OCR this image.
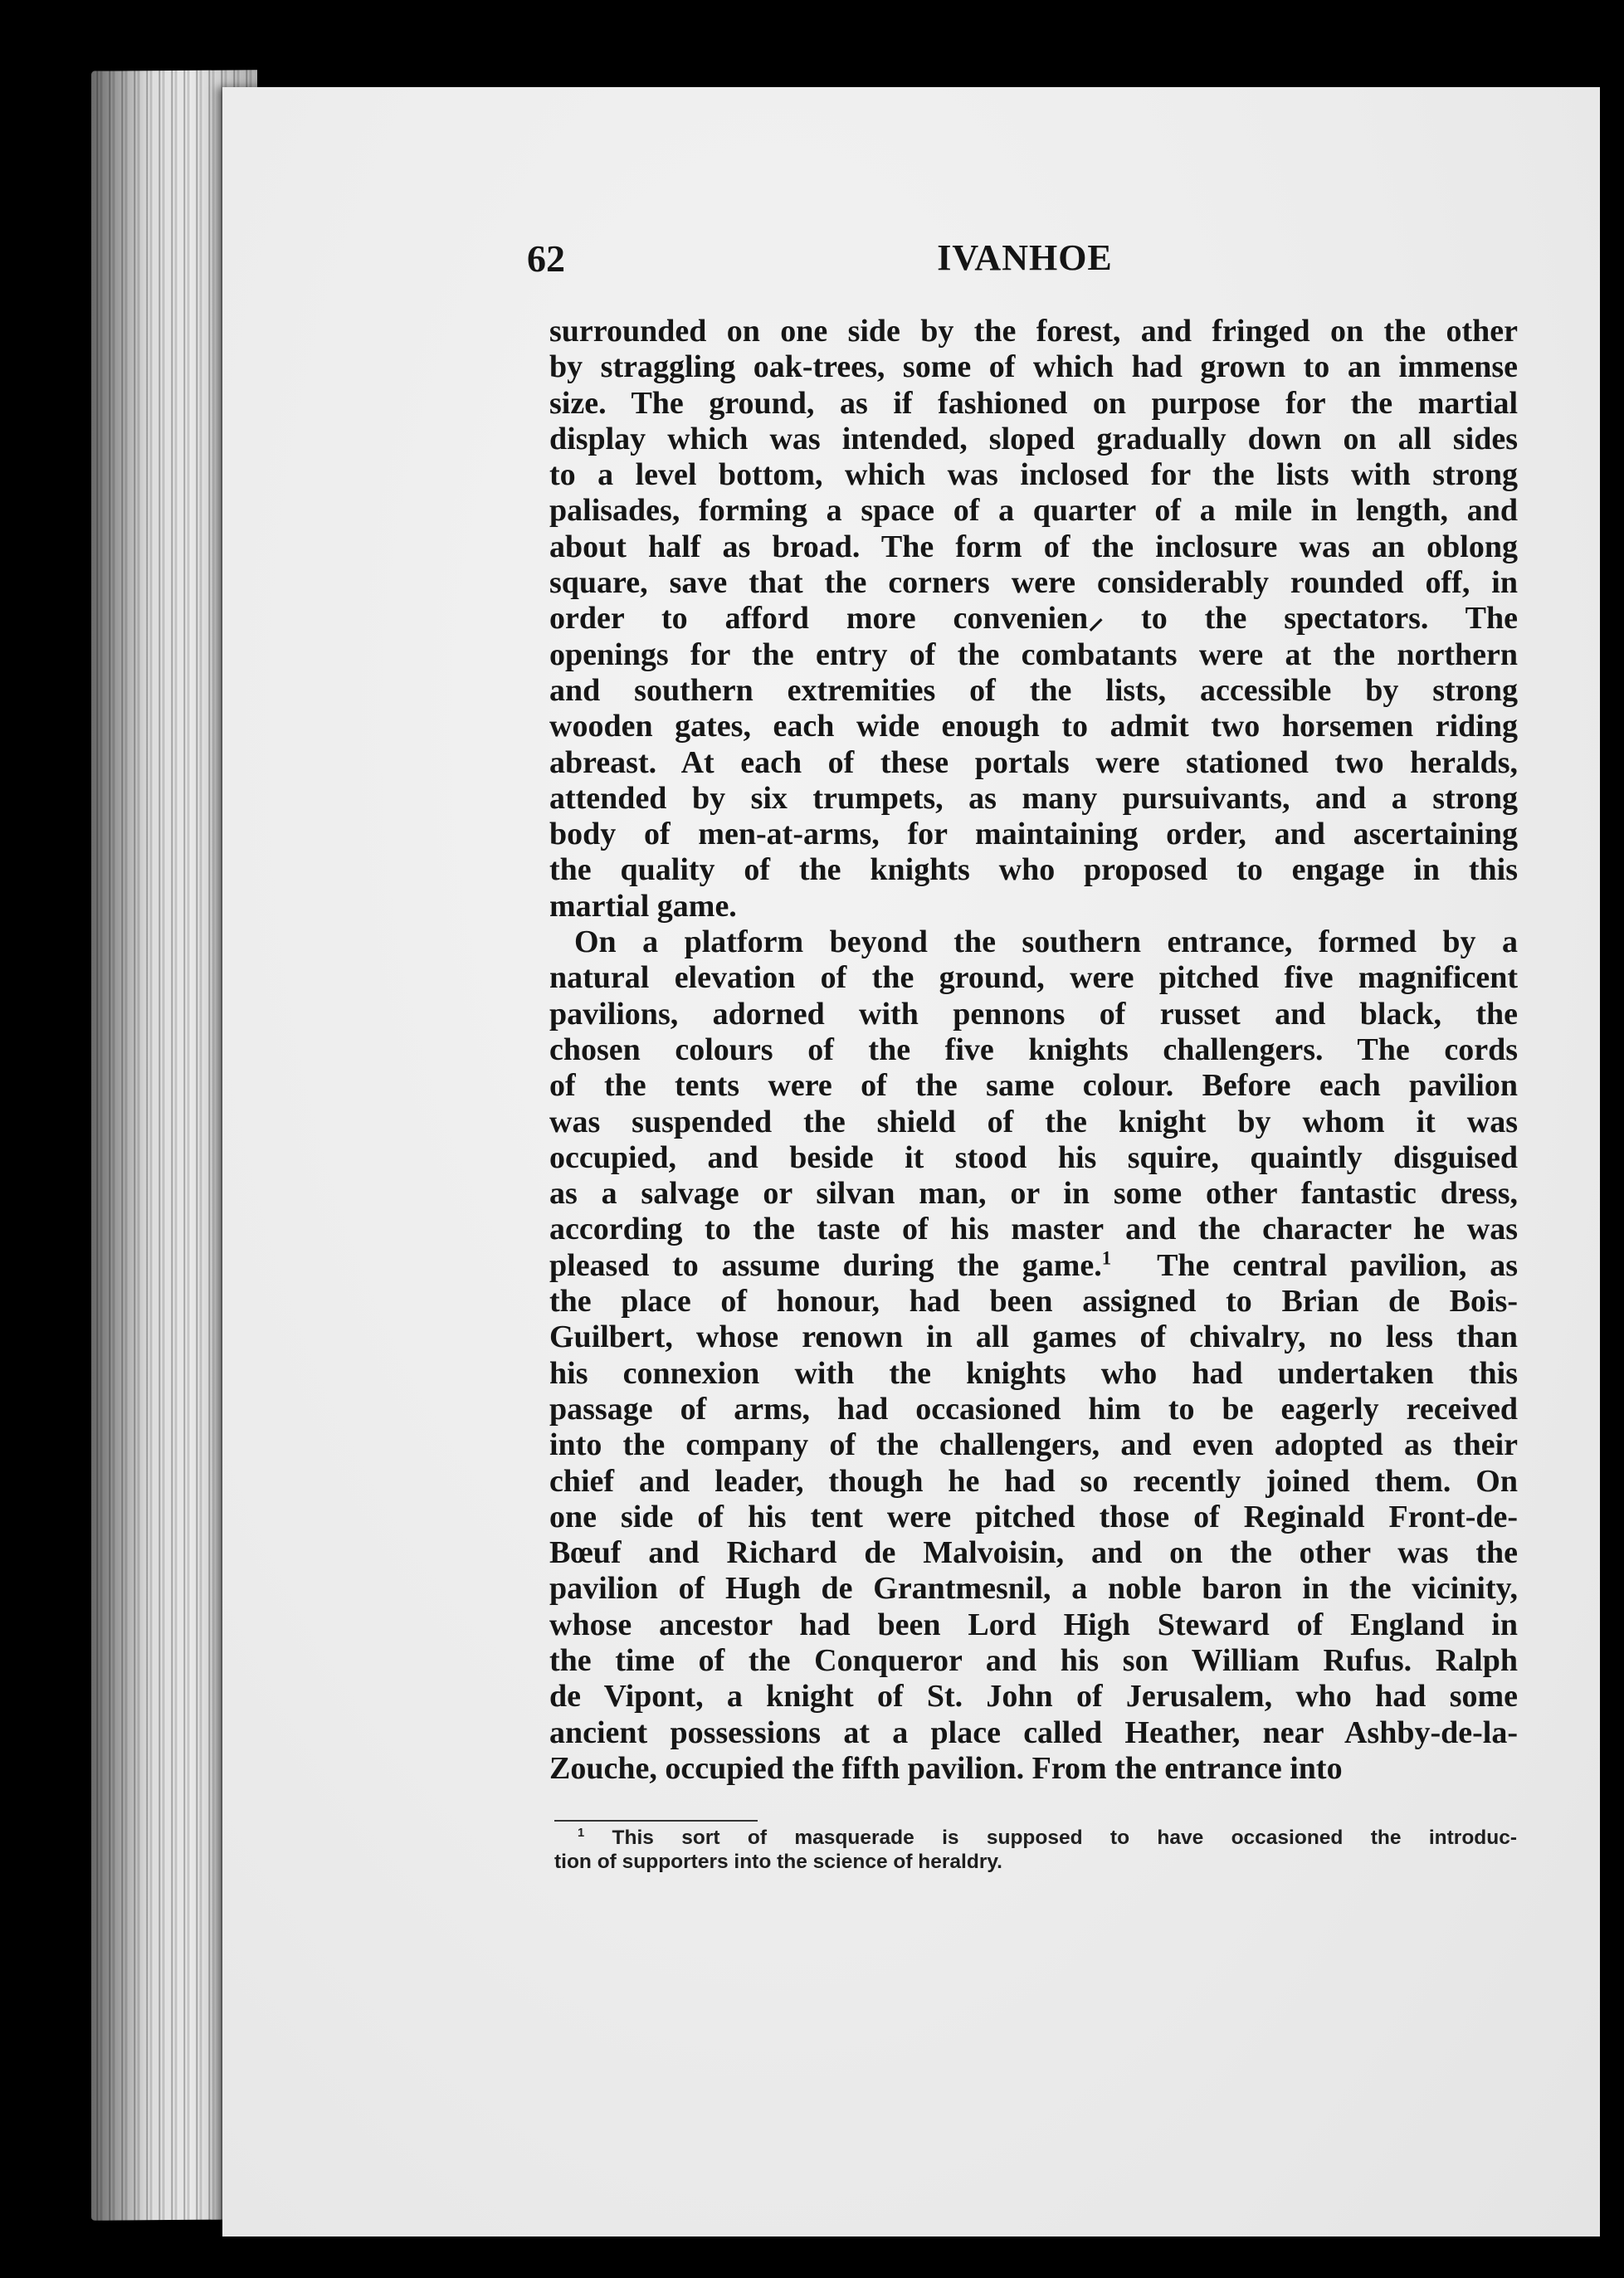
62	IVANHOE

surrounded on one side by the forest, and fringed on the other
by straggling oak-trees, some of which had grown to an immense
size. The ground, as if fashioned on purpose for the martial
display which was intended, sloped gradually down on all sides
to a level bottom, which was inclosed for the lists with strong
palisades, forming a space of a quarter of a mile in length, and
about half as broad. The form of the inclosure was an oblong
square, save that the corners were considerably rounded off, in
order to afford more convenien⸝ to the spectators. The
openings for the entry of the combatants were at the northern
and southern extremities of the lists, accessible by strong
wooden gates, each wide enough to admit two horsemen riding
abreast. At each of these portals were stationed two heralds,
attended by six trumpets, as many pursuivants, and a strong
body of men-at-arms, for maintaining order, and ascertaining
the quality of the knights who proposed to engage in this
martial game.

On a platform beyond the southern entrance, formed by a
natural elevation of the ground, were pitched five magnificent
pavilions, adorned with pennons of russet and black, the
chosen colours of the five knights challengers. The cords
of the tents were of the same colour. Before each pavilion
was suspended the shield of the knight by whom it was
occupied, and beside it stood his squire, quaintly disguised
as a salvage or silvan man, or in some other fantastic dress,
according to the taste of his master and the character he was
pleased to assume during the game.$^1$  The central pavilion, as
the place of honour, had been assigned to Brian de Bois-
Guilbert, whose renown in all games of chivalry, no less than
his connexion with the knights who had undertaken this
passage of arms, had occasioned him to be eagerly received
into the company of the challengers, and even adopted as their
chief and leader, though he had so recently joined them. On
one side of his tent were pitched those of Reginald Front-de-
Bœuf and Richard de Malvoisin, and on the other was the
pavilion of Hugh de Grantmesnil, a noble baron in the vicinity,
whose ancestor had been Lord High Steward of England in
the time of the Conqueror and his son William Rufus. Ralph
de Vipont, a knight of St. John of Jerusalem, who had some
ancient possessions at a place called Heather, near Ashby-de-la-
Zouche, occupied the fifth pavilion. From the entrance into

$^1$ This sort of masquerade is supposed to have occasioned the introduc-
tion of supporters into the science of heraldry.
